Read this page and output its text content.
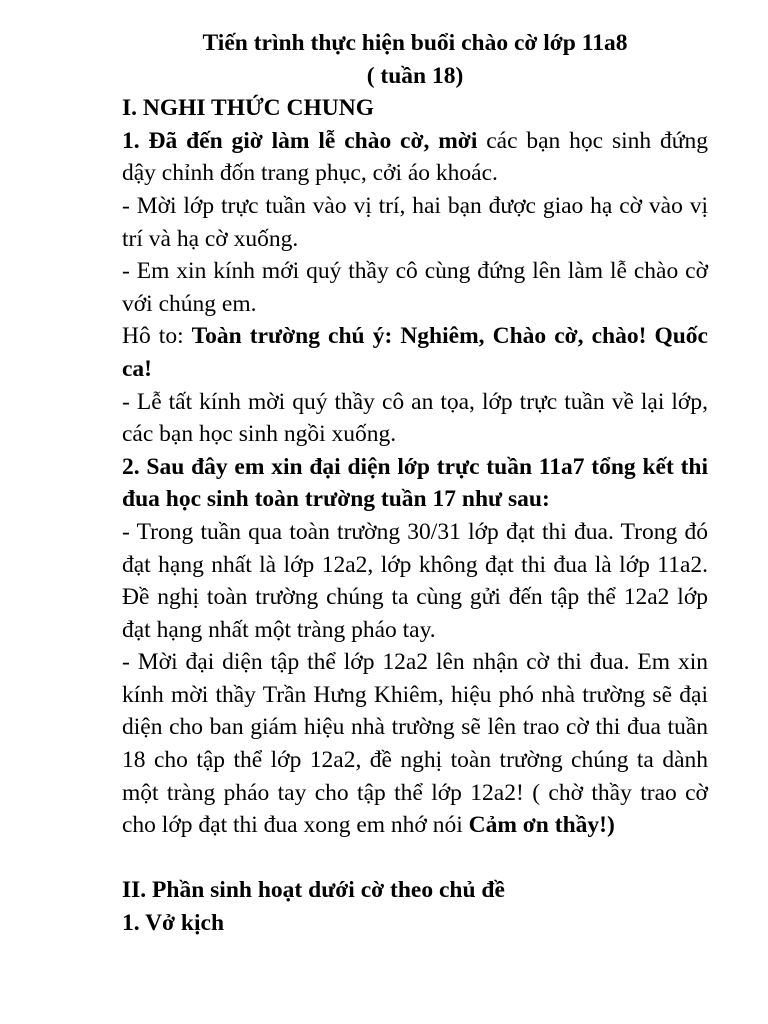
Tiến trình thực hiện buổi chào cờ lớp 11a8
( tuần 18)
I. NGHI THỨC CHUNG

1. Đã đến giờ làm lễ chào cờ, mời các bạn học sinh đứng dậy chỉnh đốn trang phục, cởi áo khoác.

- Mời lớp trực tuần vào vị trí, hai bạn được giao hạ cờ vào vị trí và hạ cờ xuống.

- Em xin kính mới quý thầy cô cùng đứng lên làm lễ chào cờ với chúng em.

Hô to: Toàn trường chú ý: Nghiêm, Chào cờ, chào! Quốc ca!

- Lễ tất kính mời quý thầy cô an tọa, lớp trực tuần về lại lớp, các bạn học sinh ngồi xuống.

2. Sau đây em xin đại diện lớp trực tuần 11a7 tổng kết thi đua học sinh toàn trường tuần 17 như sau:

- Trong tuần qua toàn trường 30/31 lớp đạt thi đua. Trong đó đạt hạng nhất là lớp 12a2, lớp không đạt thi đua là lớp 11a2. Đề nghị toàn trường chúng ta cùng gửi đến tập thể 12a2 lớp đạt hạng nhất một tràng pháo tay.

- Mời đại diện tập thể lớp 12a2 lên nhận cờ thi đua. Em xin kính mời thầy Trần Hưng Khiêm, hiệu phó nhà trường sẽ đại diện cho ban giám hiệu nhà trường sẽ lên trao cờ thi đua tuần 18 cho tập thể lớp 12a2, đề nghị toàn trường chúng ta dành một tràng pháo tay cho tập thể lớp 12a2! ( chờ thầy trao cờ cho lớp đạt thi đua xong em nhớ nói Cảm ơn thầy!)

II. Phần sinh hoạt dưới cờ theo chủ đề
1. Vở kịch
